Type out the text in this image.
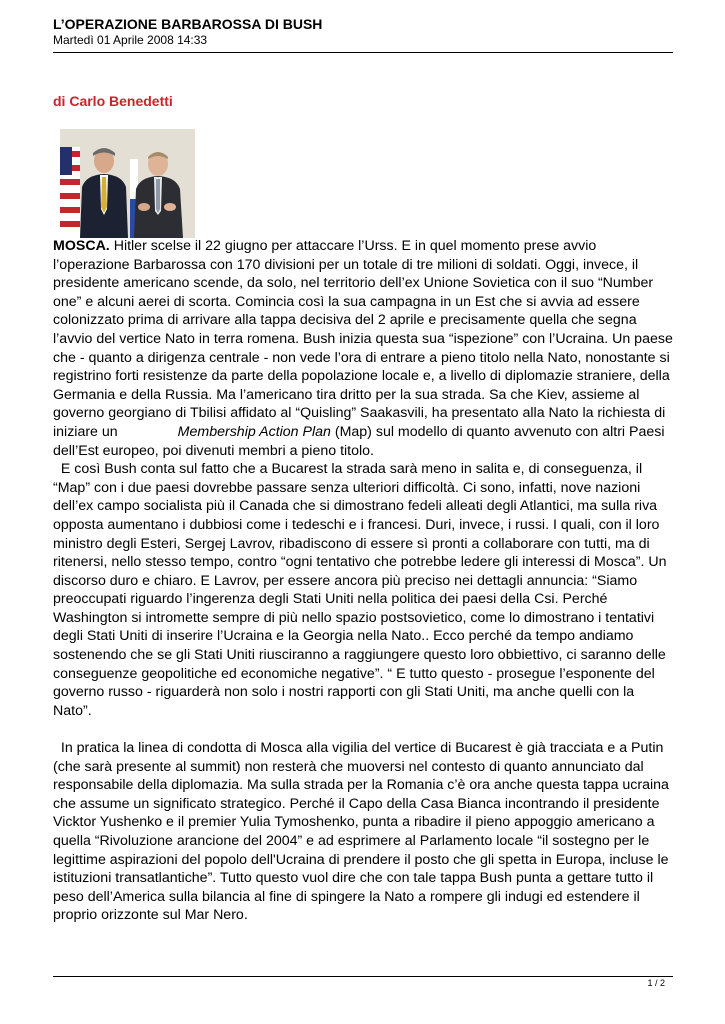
L’OPERAZIONE BARBAROSSA DI BUSH
Martedì 01 Aprile 2008 14:33
di Carlo Benedetti

MOSCA. Hitler scelse il 22 giugno per attaccare l’Urss. E in quel momento prese avvio l’operazione Barbarossa con 170 divisioni per un totale di tre milioni di soldati. Oggi, invece, il presidente americano scende, da solo, nel territorio dell’ex Unione Sovietica con il suo “Number one” e alcuni aerei di scorta. Comincia così la sua campagna in un Est che si avvia ad essere colonizzato prima di arrivare alla tappa decisiva del 2 aprile e precisamente quella che segna l’avvio del vertice Nato in terra romena. Bush inizia questa sua “ispezione” con l’Ucraina. Un paese che - quanto a dirigenza centrale - non vede l’ora di entrare a pieno titolo nella Nato, nonostante si registrino forti resistenze da parte della popolazione locale e, a livello di diplomazie straniere, della Germania e della Russia. Ma l’americano tira dritto per la sua strada. Sa che Kiev, assieme al governo georgiano di Tbilisi affidato al “Quisling” Saakasvili, ha presentato alla Nato la richiesta di iniziare un	Membership Action Plan (Map) sul modello di quanto avvenuto con altri Paesi dell’Est europeo, poi divenuti membri a pieno titolo.

E così Bush conta sul fatto che a Bucarest la strada sarà meno in salita e, di conseguenza, il “Map” con i due paesi dovrebbe passare senza ulteriori difficoltà. Ci sono, infatti, nove nazioni dell’ex campo socialista più il Canada che si dimostrano fedeli alleati degli Atlantici, ma sulla riva opposta aumentano i dubbiosi come i tedeschi e i francesi. Duri, invece, i russi. I quali, con il loro ministro degli Esteri, Sergej Lavrov, ribadiscono di essere sì pronti a collaborare con tutti, ma di ritenersi, nello stesso tempo, contro “ogni tentativo che potrebbe ledere gli interessi di Mosca”. Un discorso duro e chiaro. E Lavrov, per essere ancora più preciso nei dettagli annuncia: “Siamo preoccupati riguardo l’ingerenza degli Stati Uniti nella politica dei paesi della Csi. Perché Washington si intromette sempre di più nello spazio postsovietico, come lo dimostrano i tentativi degli Stati Uniti di inserire l’Ucraina e la Georgia nella Nato.. Ecco perché da tempo andiamo sostenendo che se gli Stati Uniti riusciranno a raggiungere questo loro obbiettivo, ci saranno delle conseguenze geopolitiche ed economiche negative”. “ E tutto questo - prosegue l’esponente del governo russo - riguarderà non solo i nostri rapporti con gli Stati Uniti, ma anche quelli con la Nato”.

In pratica la linea di condotta di Mosca alla vigilia del vertice di Bucarest è già tracciata e a Putin (che sarà presente al summit) non resterà che muoversi nel contesto di quanto annunciato dal responsabile della diplomazia. Ma sulla strada per la Romania c’è ora anche questa tappa ucraina che assume un significato strategico. Perché il Capo della Casa Bianca incontrando il presidente Vicktor Yushenko e il premier Yulia Tymoshenko, punta a ribadire il pieno appoggio americano a quella “Rivoluzione arancione del 2004” e ad esprimere al Parlamento locale “il sostegno per le legittime aspirazioni del popolo dell'Ucraina di prendere il posto che gli spetta in Europa, incluse le istituzioni transatlantiche”. Tutto questo vuol dire che con tale tappa Bush punta a gettare tutto il peso dell’America sulla bilancia al fine di spingere la Nato a rompere gli indugi ed estendere il proprio orizzonte sul Mar Nero.

1 / 2
